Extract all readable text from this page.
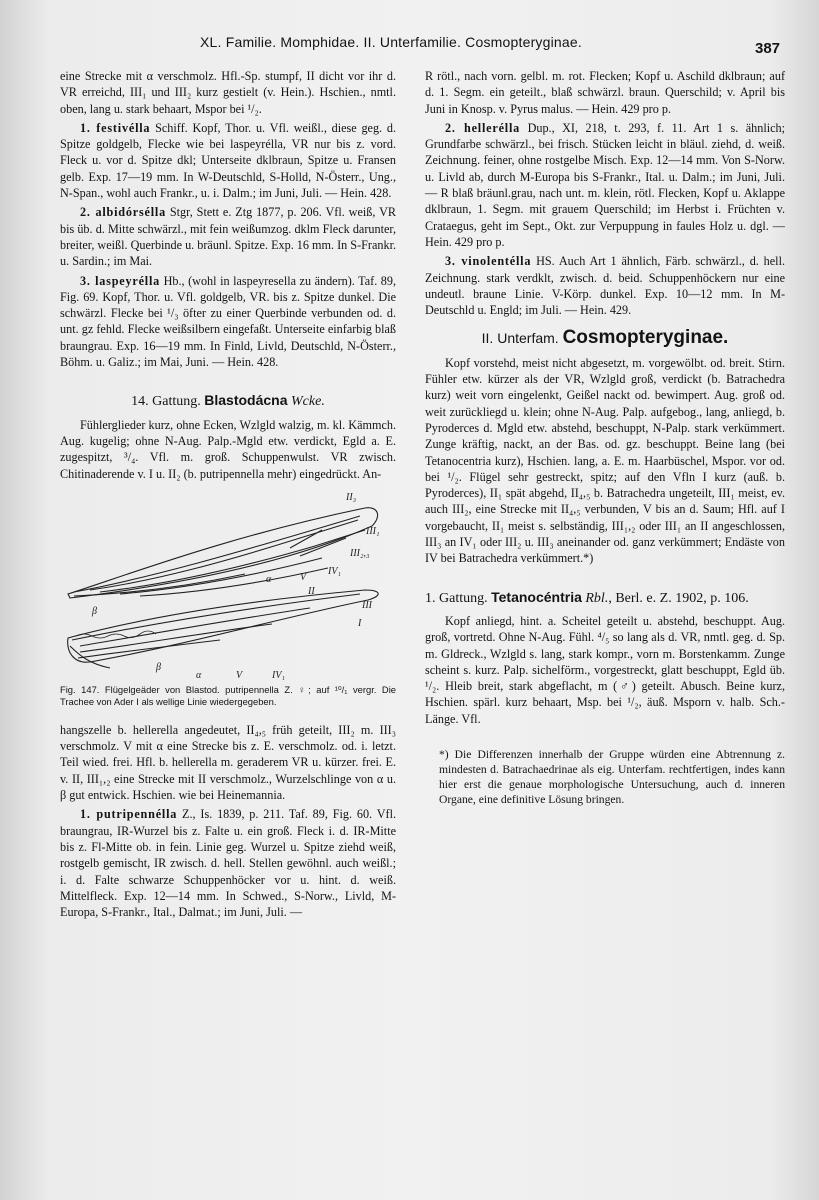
XL. Familie. Momphidae. II. Unterfamilie. Cosmopteryginae.	387

eine Strecke mit α verschmolz. Hfl.-Sp. stumpf, II dicht vor ihr d. VR erreichd, III₁ und III₂ kurz gestielt (v. Hein.). Hschien., nmtl. oben, lang u. stark behaart, Mspor bei ¹/₂.

1. festivélla Schiff. Kopf, Thor. u. Vfl. weißl., diese geg. d. Spitze goldgelb, Flecke wie bei laspeyrélla, VR nur bis z. vord. Fleck u. vor d. Spitze dkl; Unterseite dklbraun, Spitze u. Fransen gelb. Exp. 17—19 mm. In W-Deutschld, S-Holld, N-Österr., Ung., N-Span., wohl auch Frankr., u. i. Dalm.; im Juni, Juli. — Hein. 428.

2. albidórsélla Stgr, Stett e. Ztg 1877, p. 206. Vfl. weiß, VR bis üb. d. Mitte schwärzl., mit fein weißumzog. dklm Fleck darunter, breiter, weißl. Querbinde u. bräunl. Spitze. Exp. 16 mm. In S-Frankr. u. Sardin.; im Mai.

3. laspeyrélla Hb., (wohl in laspeyresella zu ändern). Taf. 89, Fig. 69. Kopf, Thor. u. Vfl. goldgelb, VR. bis z. Spitze dunkel. Die schwärzl. Flecke bei ¹/₃ öfter zu einer Querbinde verbunden od. d. unt. gz fehld. Flecke weißsilbern eingefaßt. Unterseite einfarbig blaß braungrau. Exp. 16—19 mm. In Finld, Livld, Deutschld, N-Österr., Böhm. u. Galiz.; im Mai, Juni. — Hein. 428.

14. Gattung. Blastodácna Wcke.

Fühlerglieder kurz, ohne Ecken, Wzlgld walzig, m. kl. Kämmch. Aug. kugelig; ohne N-Aug. Palp.-Mgld etw. verdickt, Egld a. E. zugespitzt, ³/₄. Vfl. m. groß. Schuppenwulst. VR zwisch. Chitinaderende v. I u. II₂ (b. putripennella mehr) eingedrückt. An-

II₃
III₁
III₂,₃
IV₁
V
α
β
II
III
I
β
α	V	IV₁
Fig. 147. Flügelgeäder von Blastod. putripennella Z. ♀; auf ¹⁰/₁ vergr. Die Trachee von Ader I als wellige Linie wiedergegeben.

hangszelle b. hellerella angedeutet, II₄,₅ früh geteilt, III₂ m. III₃ verschmolz. V mit α eine Strecke bis z. E. verschmolz. od. i. letzt. Teil wied. frei. Hfl. b. hellerella m. geraderem VR u. kürzer. frei. E. v. II, III₁,₂ eine Strecke mit II verschmolz., Wurzelschlinge von α u. β gut entwick. Hschien. wie bei Heinemannia.

1. putripennélla Z., Is. 1839, p. 211. Taf. 89, Fig. 60. Vfl. braungrau, IR-Wurzel bis z. Falte u. ein groß. Fleck i. d. IR-Mitte bis z. Fl-Mitte ob. in fein. Linie geg. Wurzel u. Spitze ziehd weiß, rostgelb gemischt, IR zwisch. d. hell. Stellen gewöhnl. auch weißl.; i. d. Falte schwarze Schuppenhöcker vor u. hint. d. weiß. Mittelfleck. Exp. 12—14 mm. In Schwed., S-Norw., Livld, M-Europa, S-Frankr., Ital., Dalmat.; im Juni, Juli. —

R rötl., nach vorn. gelbl. m. rot. Flecken; Kopf u. Aschild dklbraun; auf d. 1. Segm. ein geteilt., blaß schwärzl. braun. Querschild; v. April bis Juni in Knosp. v. Pyrus malus. — Hein. 429 pro p.

2. hellerélla Dup., XI, 218, t. 293, f. 11. Art 1 s. ähnlich; Grundfarbe schwärzl., bei frisch. Stücken leicht in bläul. ziehd, d. weiß. Zeichnung. feiner, ohne rostgelbe Misch. Exp. 12—14 mm. Von S-Norw. u. Livld ab, durch M-Europa bis S-Frankr., Ital. u. Dalm.; im Juni, Juli. — R blaß bräunl.grau, nach unt. m. klein, rötl. Flecken, Kopf u. Aklappe dklbraun, 1. Segm. mit grauem Querschild; im Herbst i. Früchten v. Crataegus, geht im Sept., Okt. zur Verpuppung in faules Holz u. dgl. — Hein. 429 pro p.

3. vinolentélla HS. Auch Art 1 ähnlich, Färb. schwärzl., d. hell. Zeichnung. stark verdklt, zwisch. d. beid. Schuppenhöckern nur eine undeutl. braune Linie. V-Körp. dunkel. Exp. 10—12 mm. In M-Deutschld u. Engld; im Juli. — Hein. 429.

II. Unterfam. Cosmopteryginae.

Kopf vorstehd, meist nicht abgesetzt, m. vorgewölbt. od. breit. Stirn. Fühler etw. kürzer als der VR, Wzlgld groß, verdickt (b. Batrachedra kurz) weit vorn eingelenkt, Geißel nackt od. bewimpert. Aug. groß od. weit zurückliegd u. klein; ohne N-Aug. Palp. aufgebog., lang, anliegd, b. Pyroderces d. Mgld etw. abstehd, beschuppt, N-Palp. stark verkümmert. Zunge kräftig, nackt, an der Bas. od. gz. beschuppt. Beine lang (bei Tetanocentria kurz), Hschien. lang, a. E. m. Haarbüschel, Mspor. vor od. bei ¹/₂. Flügel sehr gestreckt, spitz; auf den Vfln I kurz (auß. b. Pyroderces), II₁ spät abgehd, II₄,₅ b. Batrachedra ungeteilt, III₁ meist, ev. auch III₂, eine Strecke mit II₄,₅ verbunden, V bis an d. Saum; Hfl. auf I vorgebaucht, II₁ meist s. selbständig, III₁,₂ oder III₁ an II angeschlossen, III₃ an IV₁ oder III₂ u. III₃ aneinander od. ganz verkümmert; Endäste von IV bei Batrachedra verkümmert.*)

1. Gattung. Tetanocéntria Rbl., Berl. e. Z. 1902, p. 106.

Kopf anliegd, hint. a. Scheitel geteilt u. abstehd, beschuppt. Aug. groß, vortretd. Ohne N-Aug. Fühl. ⁴/₅ so lang als d. VR, nmtl. geg. d. Sp. m. Gldreck., Wzlgld s. lang, stark kompr., vorn m. Borstenkamm. Zunge scheint s. kurz. Palp. sichelförm., vorgestreckt, glatt beschuppt, Egld üb. ¹/₂. Hleib breit, stark abgeflacht, m (♂) geteilt. Abusch. Beine kurz, Hschien. spärl. kurz behaart, Msp. bei ¹/₂, äuß. Msporn v. halb. Sch.-Länge. Vfl.

*) Die Differenzen innerhalb der Gruppe würden eine Abtrennung z. mindesten d. Batrachaedrinae als eig. Unterfam. rechtfertigen, indes kann hier erst die genaue morphologische Untersuchung, auch d. inneren Organe, eine definitive Lösung bringen.
